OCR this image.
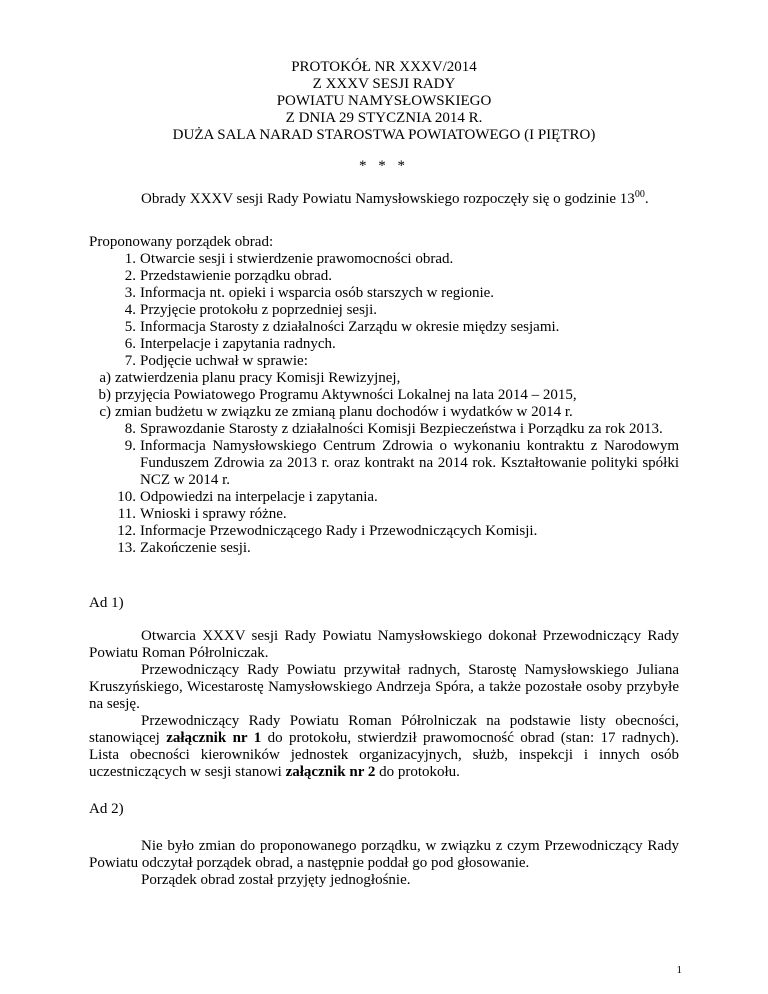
PROTOKÓŁ NR XXXV/2014
Z XXXV SESJI RADY
POWIATU NAMYSŁOWSKIEGO
Z DNIA 29 STYCZNIA 2014 R.
DUŻA SALA NARAD STAROSTWA POWIATOWEGO (I PIĘTRO)
* * *
Obrady XXXV sesji Rady Powiatu Namysłowskiego rozpoczęły się o godzinie $13^{00}$.
Proponowany porządek obrad:
1. Otwarcie sesji i stwierdzenie prawomocności obrad.
2. Przedstawienie porządku obrad.
3. Informacja nt. opieki i wsparcia osób starszych w regionie.
4. Przyjęcie protokołu z poprzedniej sesji.
5. Informacja Starosty z działalności Zarządu w okresie między sesjami.
6. Interpelacje i zapytania radnych.
7. Podjęcie uchwał w sprawie:
a) zatwierdzenia planu pracy Komisji Rewizyjnej,
b) przyjęcia Powiatowego Programu Aktywności Lokalnej na lata 2014 – 2015,
c) zmian budżetu w związku ze zmianą planu dochodów i wydatków w 2014 r.
8. Sprawozdanie Starosty z działalności Komisji Bezpieczeństwa i Porządku za rok 2013.
9. Informacja Namysłowskiego Centrum Zdrowia o wykonaniu kontraktu z Narodowym Funduszem Zdrowia za 2013 r. oraz kontrakt na 2014 rok. Kształtowanie polityki spółki NCZ w 2014 r.
10. Odpowiedzi na interpelacje i zapytania.
11. Wnioski i sprawy różne.
12. Informacje Przewodniczącego Rady i Przewodniczących Komisji.
13. Zakończenie sesji.
Ad 1)

Otwarcia XXXV sesji Rady Powiatu Namysłowskiego dokonał Przewodniczący Rady Powiatu Roman Półrolniczak.

Przewodniczący Rady Powiatu przywitał radnych, Starostę Namysłowskiego Juliana Kruszyńskiego, Wicestarostę Namysłowskiego Andrzeja Spóra, a także pozostałe osoby przybyłe na sesję.

Przewodniczący Rady Powiatu Roman Półrolniczak na podstawie listy obecności, stanowiącej załącznik nr 1 do protokołu, stwierdził prawomocność obrad (stan: 17 radnych). Lista obecności kierowników jednostek organizacyjnych, służb, inspekcji i innych osób uczestniczących w sesji stanowi załącznik nr 2 do protokołu.

Ad 2)

Nie było zmian do proponowanego porządku, w związku z czym Przewodniczący Rady Powiatu odczytał porządek obrad, a następnie poddał go pod głosowanie.

Porządek obrad został przyjęty jednogłośnie.

1
